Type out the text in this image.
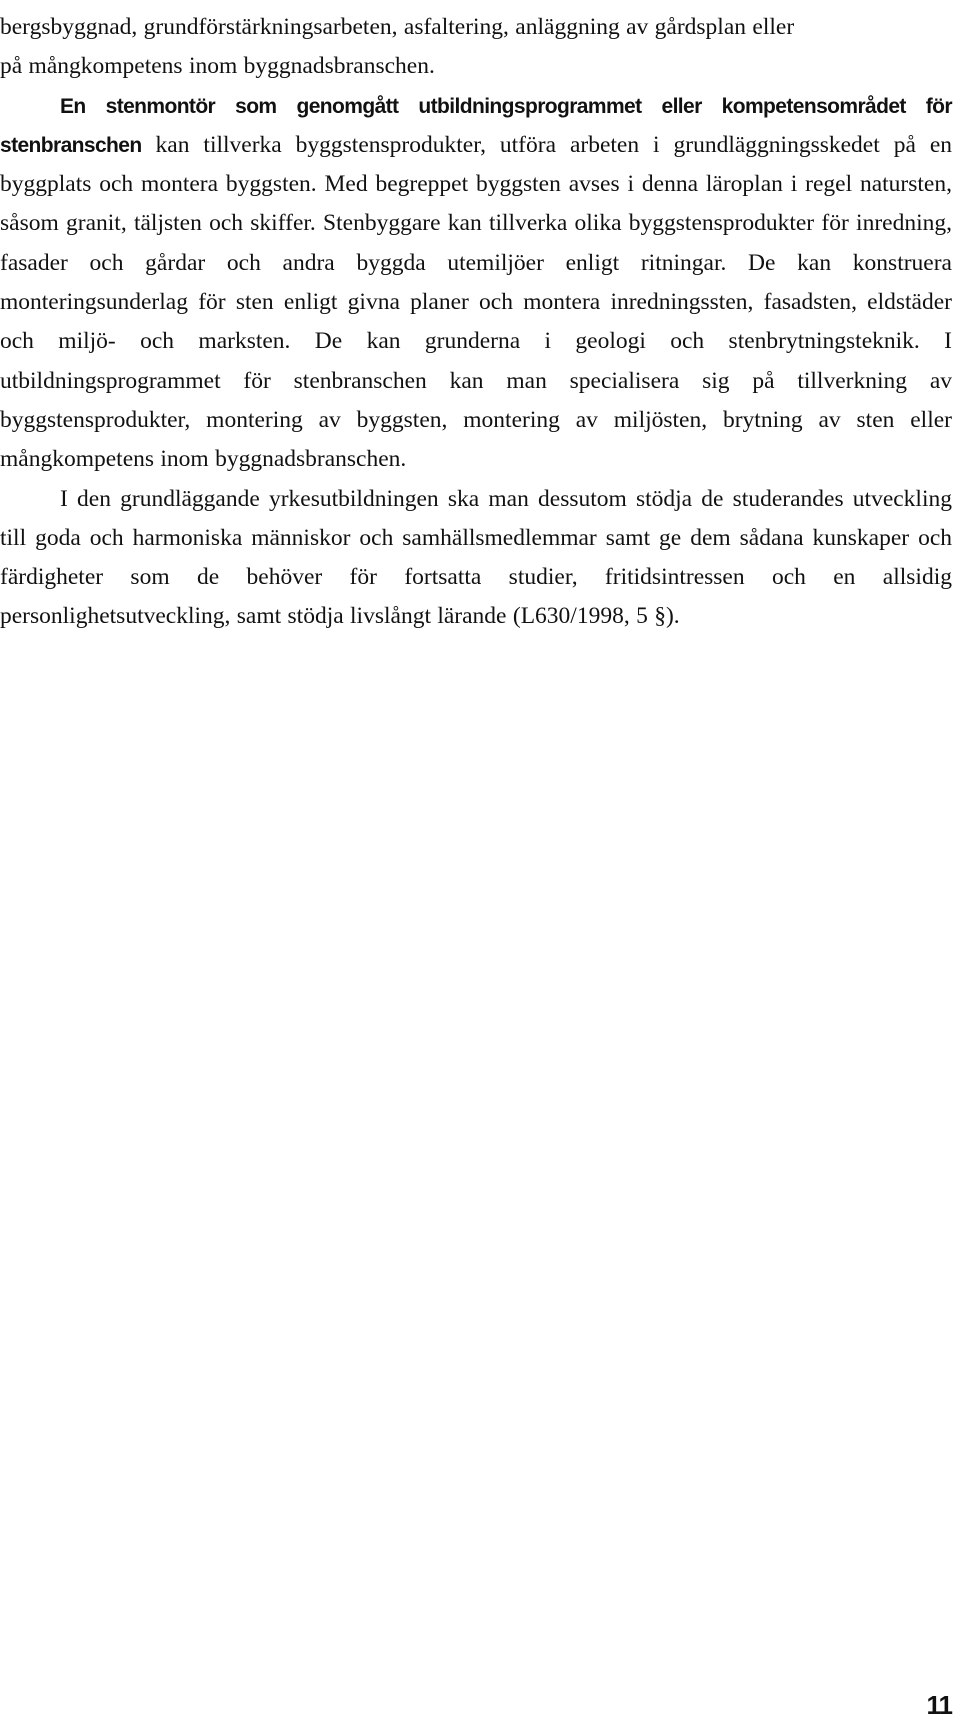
bergsbyggnad, grundförstärkningsarbeten, asfaltering, anläggning av gårdsplan eller
på mångkompetens inom byggnadsbranschen.

En stenmontör som genomgått utbildningsprogrammet eller kompetensområdet för stenbranschen kan tillverka byggstensprodukter, utföra arbeten i grundläggningsskedet på en byggplats och montera byggsten. Med begreppet byggsten avses i denna läroplan i regel natursten, såsom granit, täljsten och skiffer. Stenbyggare kan tillverka olika byggstensprodukter för inredning, fasader och gårdar och andra byggda utemiljöer enligt ritningar. De kan konstruera monteringsunderlag för sten enligt givna planer och montera inredningssten, fasadsten, eldstäder och miljö- och marksten. De kan grunderna i geologi och stenbrytningsteknik. I utbildningsprogrammet för stenbranschen kan man specialisera sig på tillverkning av byggstensprodukter, montering av byggsten, montering av miljösten, brytning av sten eller mångkompetens inom byggnadsbranschen.

I den grundläggande yrkesutbildningen ska man dessutom stödja de studerandes utveckling till goda och harmoniska människor och samhällsmedlemmar samt ge dem sådana kunskaper och färdigheter som de behöver för fortsatta studier, fritidsintressen och en allsidig personlighetsutveckling, samt stödja livslångt lärande (L630/1998, 5 §).

11
